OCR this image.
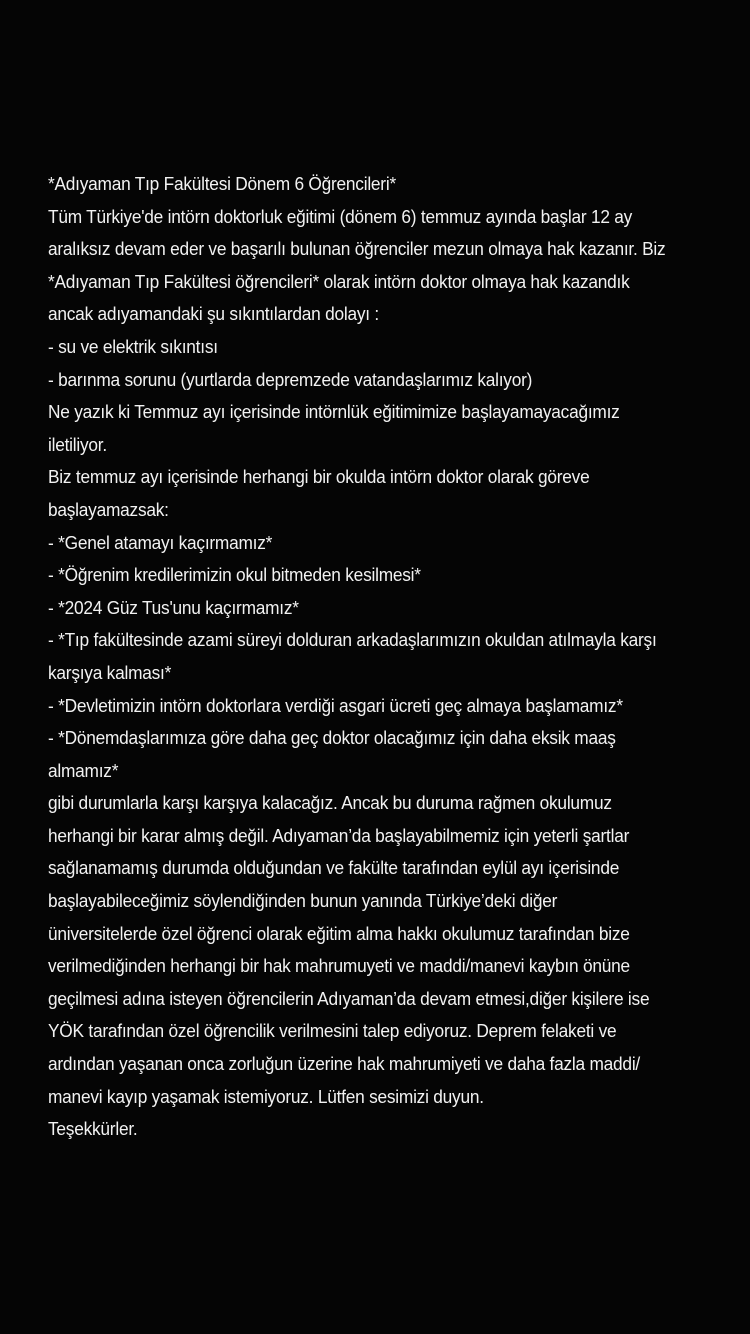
*Adıyaman Tıp Fakültesi Dönem 6 Öğrencileri*
Tüm Türkiye'de intörn doktorluk eğitimi (dönem 6) temmuz ayında başlar 12 ay
aralıksız devam eder ve başarılı bulunan öğrenciler mezun olmaya hak kazanır. Biz
*Adıyaman Tıp Fakültesi öğrencileri* olarak intörn doktor olmaya hak kazandık
ancak adıyamandaki şu sıkıntılardan dolayı :
- su ve elektrik sıkıntısı
- barınma sorunu (yurtlarda depremzede vatandaşlarımız kalıyor)
Ne yazık ki Temmuz ayı içerisinde intörnlük eğitimimize başlayamayacağımız
iletiliyor.
Biz temmuz ayı içerisinde herhangi bir okulda intörn doktor olarak göreve
başlayamazsak:
- *Genel atamayı kaçırmamız*
- *Öğrenim kredilerimizin okul bitmeden kesilmesi*
- *2024 Güz Tus'unu kaçırmamız*
- *Tıp fakültesinde azami süreyi dolduran arkadaşlarımızın okuldan atılmayla karşı
karşıya kalması*
- *Devletimizin intörn doktorlara verdiği asgari ücreti geç almaya başlamamız*
- *Dönemdaşlarımıza göre daha geç doktor olacağımız için daha eksik maaş
almamız*
gibi durumlarla karşı karşıya kalacağız. Ancak bu duruma rağmen okulumuz
herhangi bir karar almış değil. Adıyaman’da başlayabilmemiz için yeterli şartlar
sağlanamamış durumda olduğundan ve fakülte tarafından eylül ayı içerisinde
başlayabileceğimiz söylendiğinden bunun yanında Türkiye’deki diğer
üniversitelerde özel öğrenci olarak eğitim alma hakkı okulumuz tarafından bize
verilmediğinden herhangi bir hak mahrumuyeti ve maddi/manevi kaybın önüne
geçilmesi adına isteyen öğrencilerin Adıyaman’da devam etmesi,diğer kişilere ise
YÖK tarafından özel öğrencilik verilmesini talep ediyoruz. Deprem felaketi ve
ardından yaşanan onca zorluğun üzerine hak mahrumiyeti ve daha fazla maddi/
manevi kayıp yaşamak istemiyoruz. Lütfen sesimizi duyun.
Teşekkürler.
